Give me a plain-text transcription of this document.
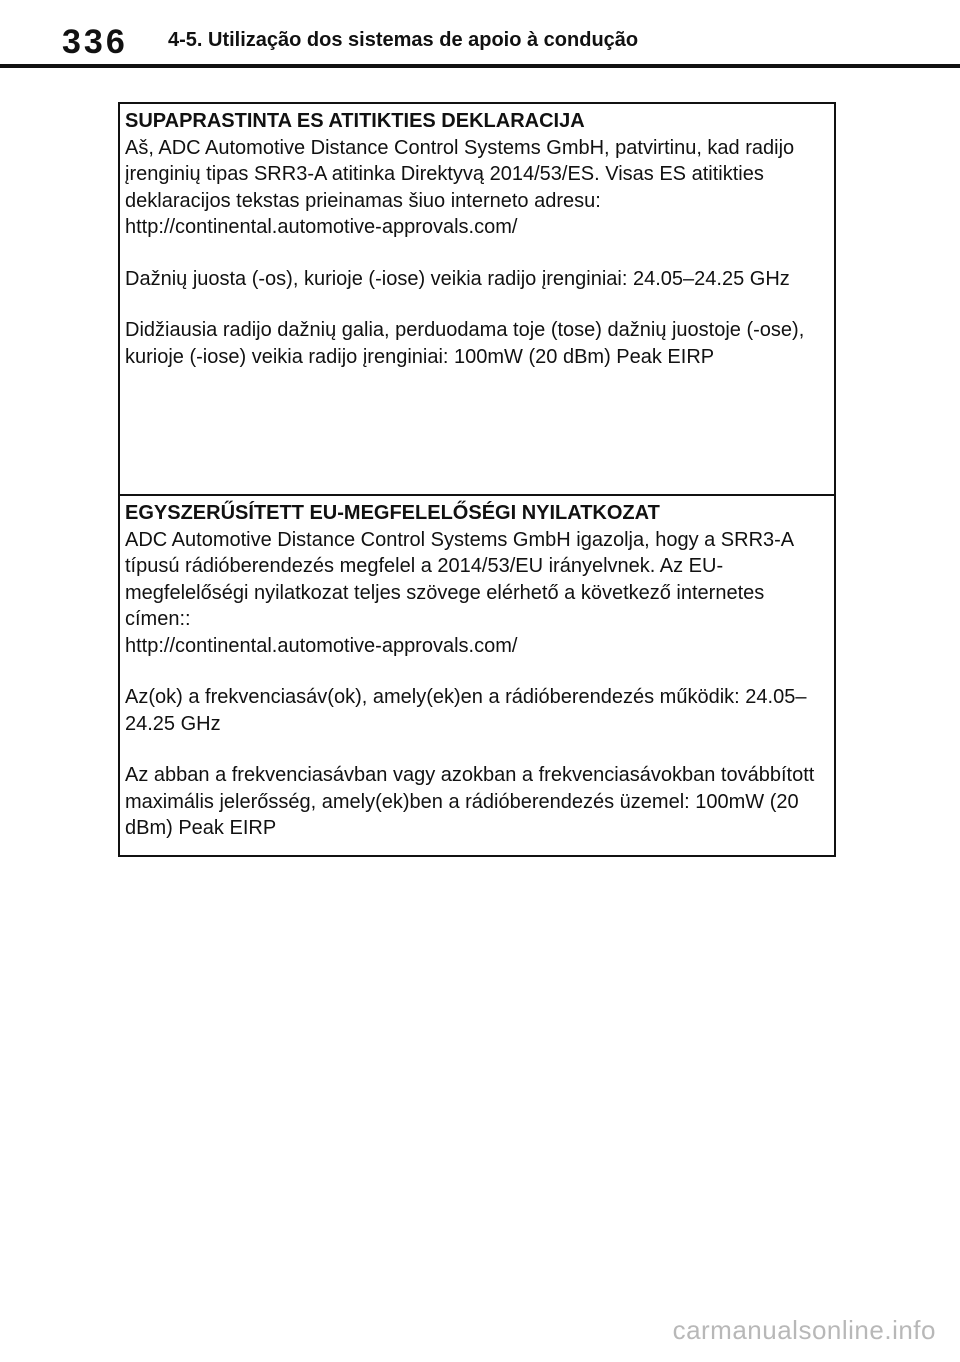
336 4-5. Utilização dos sistemas de apoio à condução

SUPAPRASTINTA ES ATITIKTIES DEKLARACIJA

Aš, ADC Automotive Distance Control Systems GmbH, patvirtinu, kad radijo įrenginių tipas SRR3-A atitinka Direktyvą 2014/53/ES. Visas ES atitikties deklaracijos tekstas prieinamas šiuo interneto adresu:

http://continental.automotive-approvals.com/

Dažnių juosta (-os), kurioje (-iose) veikia radijo įrenginiai: 24.05–24.25 GHz

Didžiausia radijo dažnių galia, perduodama toje (tose) dažnių juostoje (-ose), kurioje (-iose) veikia radijo įrenginiai: 100mW (20 dBm) Peak EIRP

EGYSZERŰSÍTETT EU-MEGFELELŐSÉGI NYILATKOZAT

ADC Automotive Distance Control Systems GmbH igazolja, hogy a SRR3-A típusú rádióberendezés megfelel a 2014/53/EU irányelvnek. Az EU-megfelelőségi nyilatkozat teljes szövege elérhető a következő internetes címen::

http://continental.automotive-approvals.com/

Az(ok) a frekvenciasáv(ok), amely(ek)en a rádióberendezés működik: 24.05–24.25 GHz

Az abban a frekvenciasávban vagy azokban a frekvenciasávokban továbbított maximális jelerősség, amely(ek)ben a rádióberendezés üzemel: 100mW (20 dBm) Peak EIRP

carmanualsonline.info
